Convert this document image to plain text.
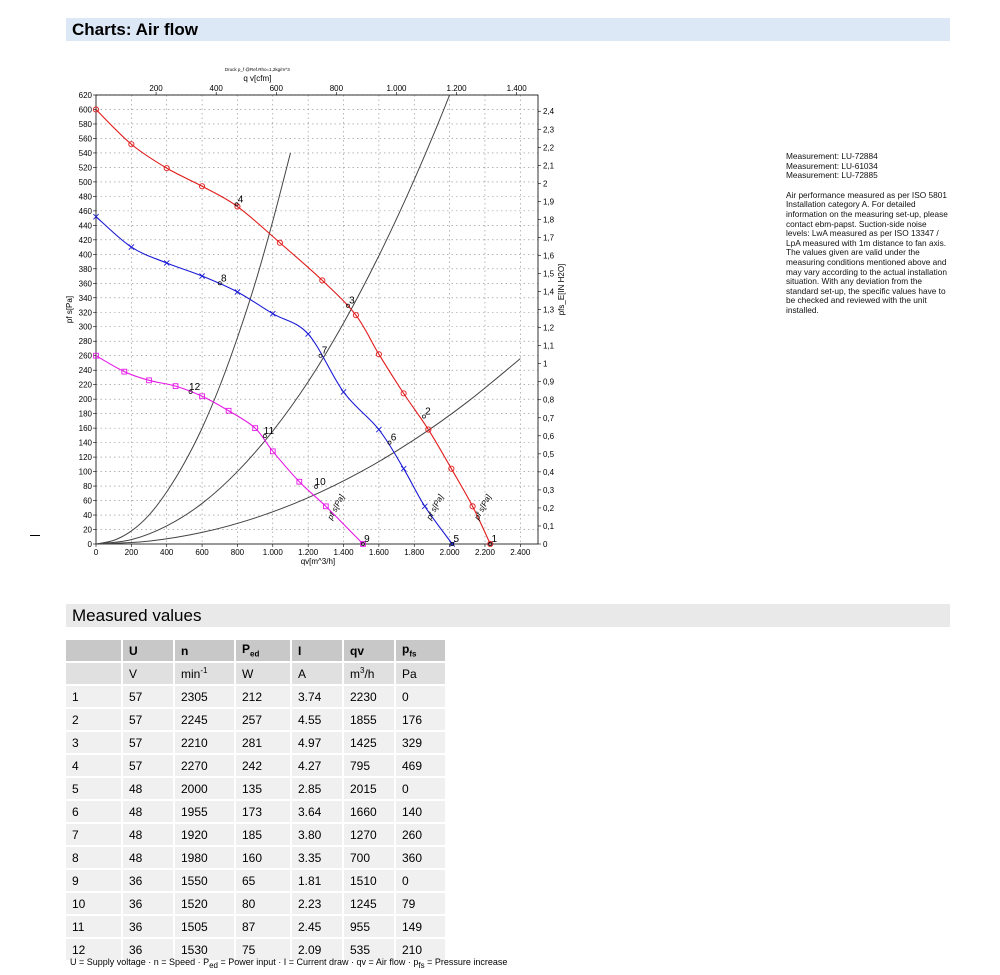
Charts: Air flow
0	200	400	600	800 1.000 1.200 1.400 1.600 1.800 2.000 2.200 2.400
qv[m^3/h]
200	400	600	800	1.000	1.200	1.400
q v[cfm]
Druck p_f @Ref.Rho=1,2kg/m^3
0
20
40
60
80
100
120
140
160
180
200
220
240
260
280
300
320
340
360
380
400
420
440
460
480
500
520
540
560
580
600
620
pf s[Pa]
0
0,1
0,2
0,3
0,4
0,5
0,6
0,7
0,8
0,9
1
1,1
1,2
1,3
1,4
1,5
1,6
1,7
1,8
1,9
2
2,1
2,2
2,3
2,4
pfs_E[IN H2O]
pf s[Pa]
pf s[Pa]
pf s[Pa]
1
2
3
4
5
6
7
8
9
10
11
12
Measurement: LU-72884
Measurement: LU-61034
Measurement: LU-72885

Air performance measured as per ISO 5801 Installation category A. For detailed information on the measuring set-up, please contact ebm-papst. Suction-side noise levels: LwA measured as per ISO 13347 / LpA measured with 1m distance to fan axis. The values given are valid under the measuring conditions mentioned above and may vary according to the actual installation situation. With any deviation from the standard set-up, the specific values have to be checked and reviewed with the unit installed.

Measured values
	U	n	$P_{ed}$	I	qv	$p_{fs}$
	V	$\min^{-1}$	W	A	$m^3/h$	Pa
1	57	2305	212	3.74	2230	0
2	57	2245	257	4.55	1855	176
3	57	2210	281	4.97	1425	329
4	57	2270	242	4.27	795	469
5	48	2000	135	2.85	2015	0
6	48	1955	173	3.64	1660	140
7	48	1920	185	3.80	1270	260
8	48	1980	160	3.35	700	360
9	36	1550	65	1.81	1510	0
10	36	1520	80	2.23	1245	79
11	36	1505	87	2.45	955	149
12	36	1530	75	2.09	535	210
U = Supply voltage · n = Speed · $P_{ed}$ = Power input · I = Current draw · qv = Air flow · $p_{fs}$ = Pressure increase
